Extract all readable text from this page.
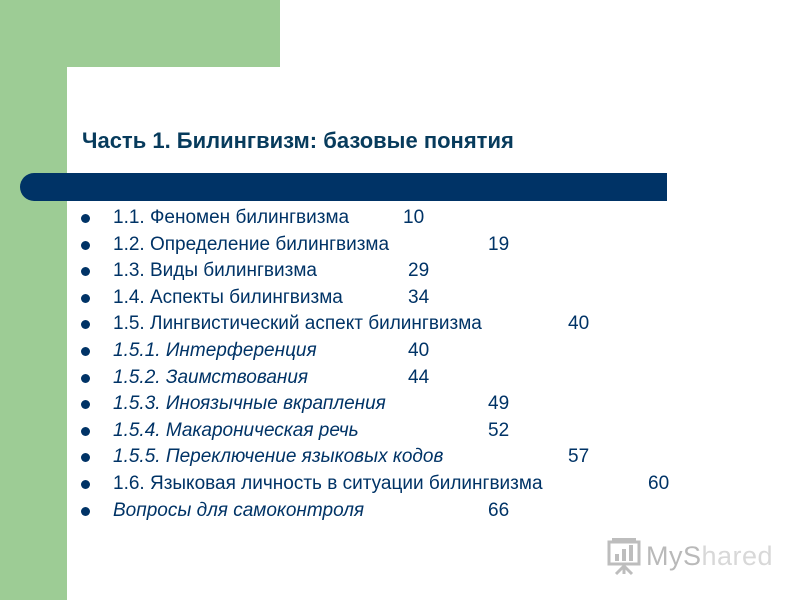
Часть 1. Билингвизм: базовые понятия
1.1. Феномен билингвизма	10
1.2. Определение билингвизма	19
1.3. Виды билингвизма	29
1.4. Аспекты билингвизма	34
1.5. Лингвистический аспект билингвизма	40
1.5.1. Интерференция	40
1.5.2. Заимствования	44
1.5.3. Иноязычные вкрапления	49
1.5.4. Макароническая речь	52
1.5.5. Переключение языковых кодов	57
1.6. Языковая личность в ситуации билингвизма	60
Вопросы для самоконтроля	66
MyShared
